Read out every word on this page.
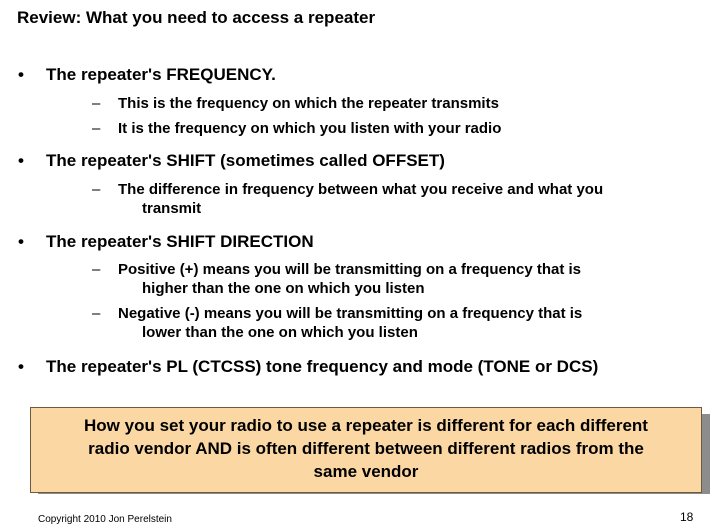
Review: What you need to access a repeater
• The repeater's FREQUENCY.
–	This is the frequency on which the repeater transmits
–	It is the frequency on which you listen with your radio
• The repeater's SHIFT (sometimes called OFFSET)
–	The difference in frequency between what you receive and what you
transmit
• The repeater's SHIFT DIRECTION
–	Positive (+) means you will be transmitting on a frequency that is
higher than the one on which you listen
–	Negative (-) means you will be transmitting on a frequency that is
lower than the one on which you listen
• The repeater's PL (CTCSS) tone frequency and mode (TONE or DCS)
How you set your radio to use a repeater is different for each different
radio vendor AND is often different between different radios from the
same vendor
Copyright 2010 Jon Perelstein	18
